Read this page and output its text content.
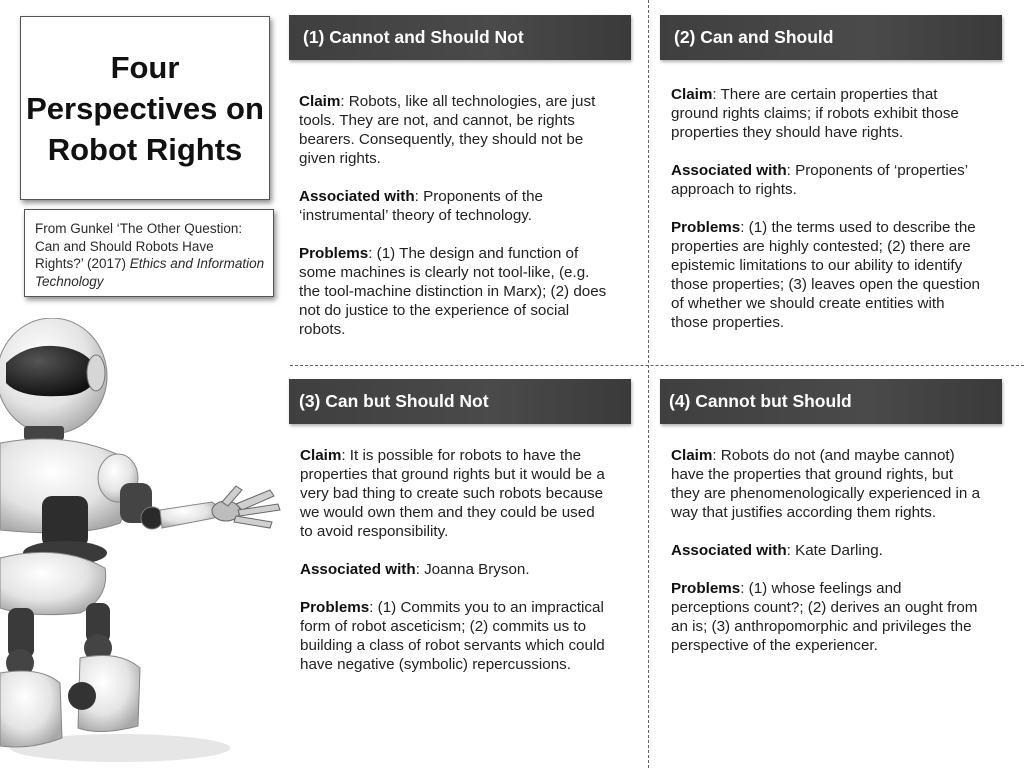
Four Perspectives on Robot Rights
From Gunkel ‘The Other Question: Can and Should Robots Have Rights?’ (2017) Ethics and Information Technology
(1) Cannot and Should Not

Claim: Robots, like all technologies, are just tools. They are not, and cannot, be rights bearers. Consequently, they should not be given rights.

Associated with: Proponents of the ‘instrumental’ theory of technology.

Problems: (1) The design and function of some machines is clearly not tool-like, (e.g. the tool-machine distinction in Marx); (2) does not do justice to the experience of social robots.

(2) Can and Should

Claim: There are certain properties that ground rights claims; if robots exhibit those properties they should have rights.

Associated with: Proponents of ‘properties’ approach to rights.

Problems: (1) the terms used to describe the properties are highly contested; (2) there are epistemic limitations to our ability to identify those properties; (3) leaves open the question of whether we should create entities with those properties.

(3) Can but Should Not

Claim: It is possible for robots to have the properties that ground rights but it would be a very bad thing to create such robots because we would own them and they could be used to avoid responsibility.

Associated with: Joanna Bryson.

Problems: (1) Commits you to an impractical form of robot asceticism; (2) commits us to building a class of robot servants which could have negative (symbolic) repercussions.

(4) Cannot but Should

Claim: Robots do not (and maybe cannot) have the properties that ground rights, but they are phenomenologically experienced in a way that justifies according them rights.

Associated with: Kate Darling.

Problems: (1) whose feelings and perceptions count?; (2) derives an ought from an is; (3) anthropomorphic and privileges the perspective of the experiencer.
